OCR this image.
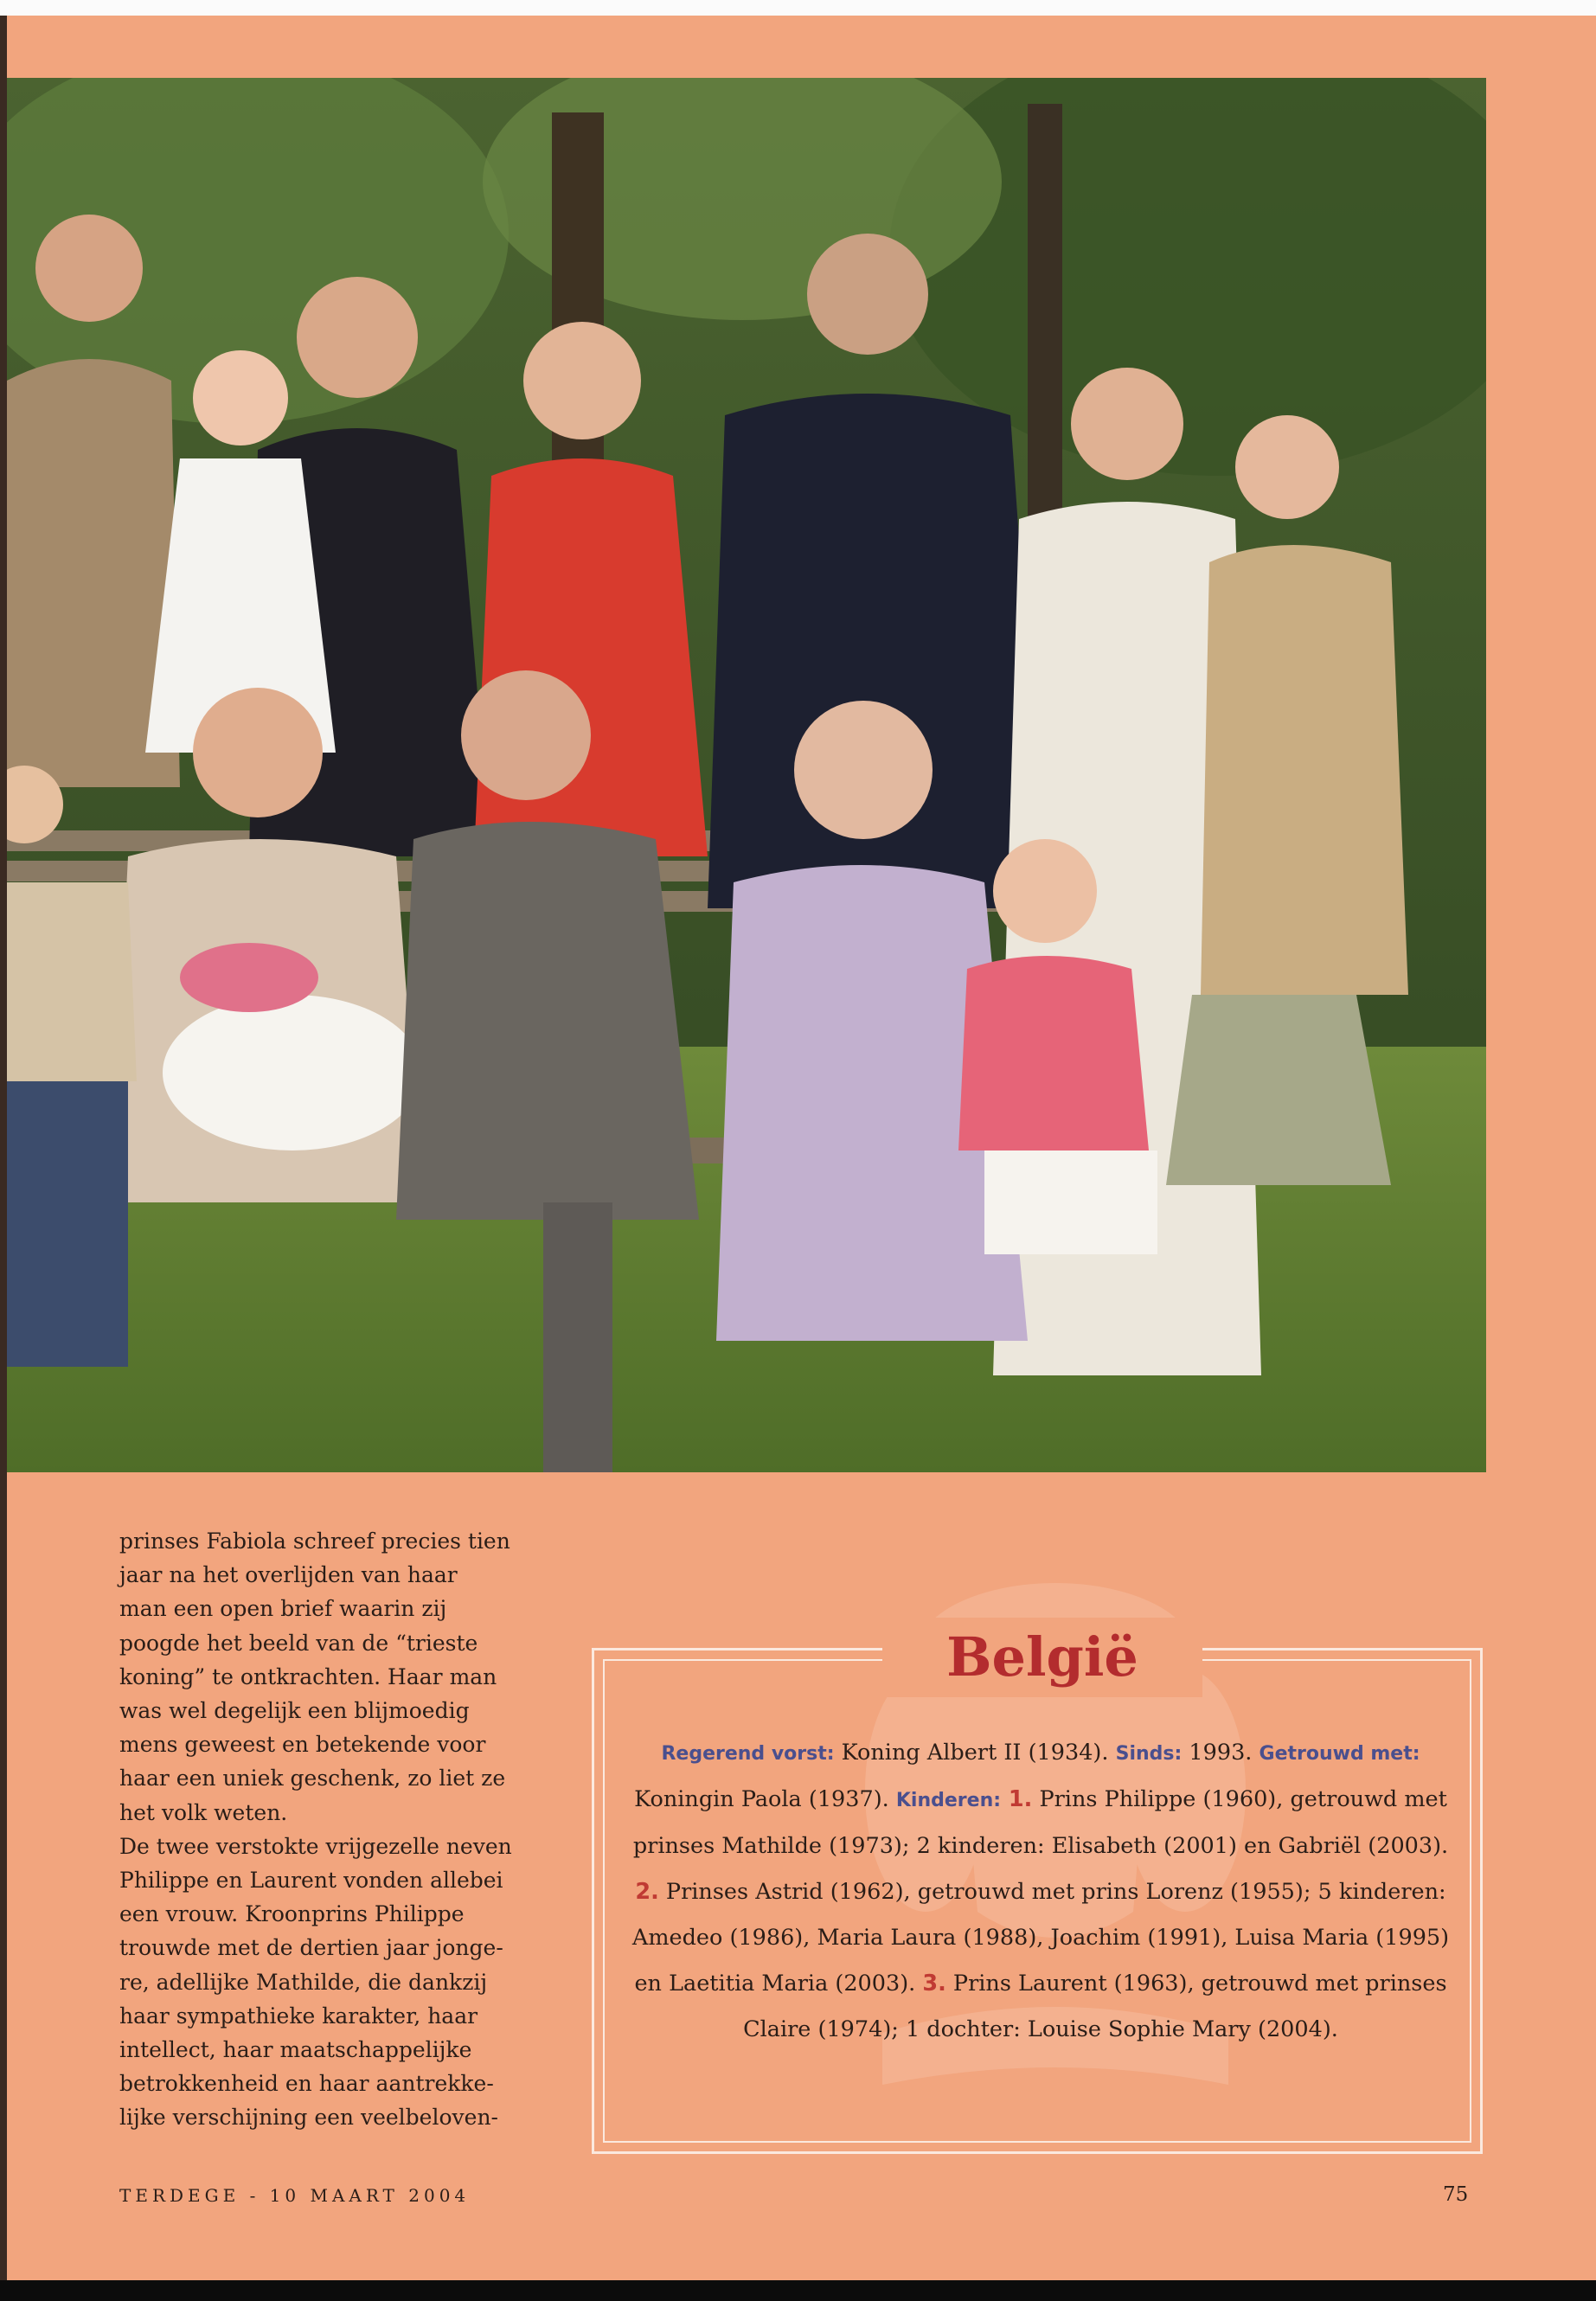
prinses Fabiola schreef precies tien
jaar na het overlijden van haar
man een open brief waarin zij
poogde het beeld van de “trieste
koning” te ontkrachten. Haar man
was wel degelijk een blijmoedig
mens geweest en betekende voor
haar een uniek geschenk, zo liet ze
het volk weten.

De twee verstokte vrijgezelle neven
Philippe en Laurent vonden allebei
een vrouw. Kroonprins Philippe
trouwde met de dertien jaar jonge-
re, adellijke Mathilde, die dankzij
haar sympathieke karakter, haar
intellect, haar maatschappelijke
betrokkenheid en haar aantrekke-
lijke verschijning een veelbeloven-

België
Regerend vorst: Koning Albert II (1934). Sinds: 1993. Getrouwd met: Koningin Paola (1937). Kinderen: 1. Prins Philippe (1960), getrouwd met prinses Mathilde (1973); 2 kinderen: Elisabeth (2001) en Gabriël (2003). 2. Prinses Astrid (1962), getrouwd met prins Lorenz (1955); 5 kinderen: Amedeo (1986), Maria Laura (1988), Joachim (1991), Luisa Maria (1995) en Laetitia Maria (2003). 3. Prins Laurent (1963), getrouwd met prinses Claire (1974); 1 dochter: Louise Sophie Mary (2004).
TERDEGE - 10 MAART 2004	75
